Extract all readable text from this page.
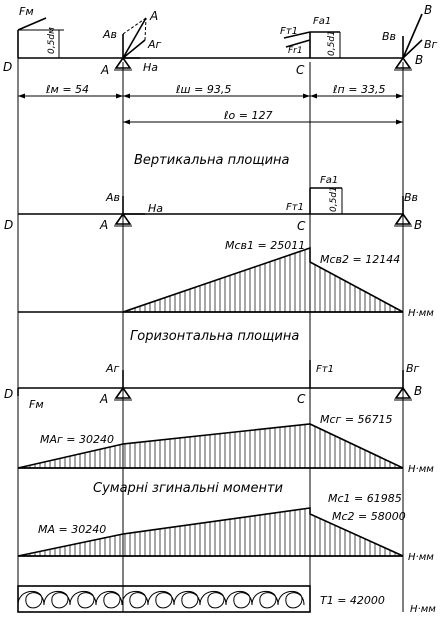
Fм
0,5dм	Aв
Aг
A
A	Hа
D
Fт1
Fа1
Fr1	0,5d1
C
Bв
Bг
B
B
ℓм = 54	ℓш = 93,5	ℓп = 33,5
ℓо = 127
Вертикальна площина
Aв
Hа
A
D
Fа1
Fт1	0,5d1
C
Bв
B
Mсв1 = 25011
Mсв2 = 12144
H·мм
Горизонтальна площина
Aг
A
D
Fм
Fт1
C
Bг
B
MАг = 30240
Mсг = 56715
H·мм
Сумарні згинальні моменти
MА = 30240
Mс1 = 61985
Mс2 = 58000
H·мм
T1 = 42000
H·мм
